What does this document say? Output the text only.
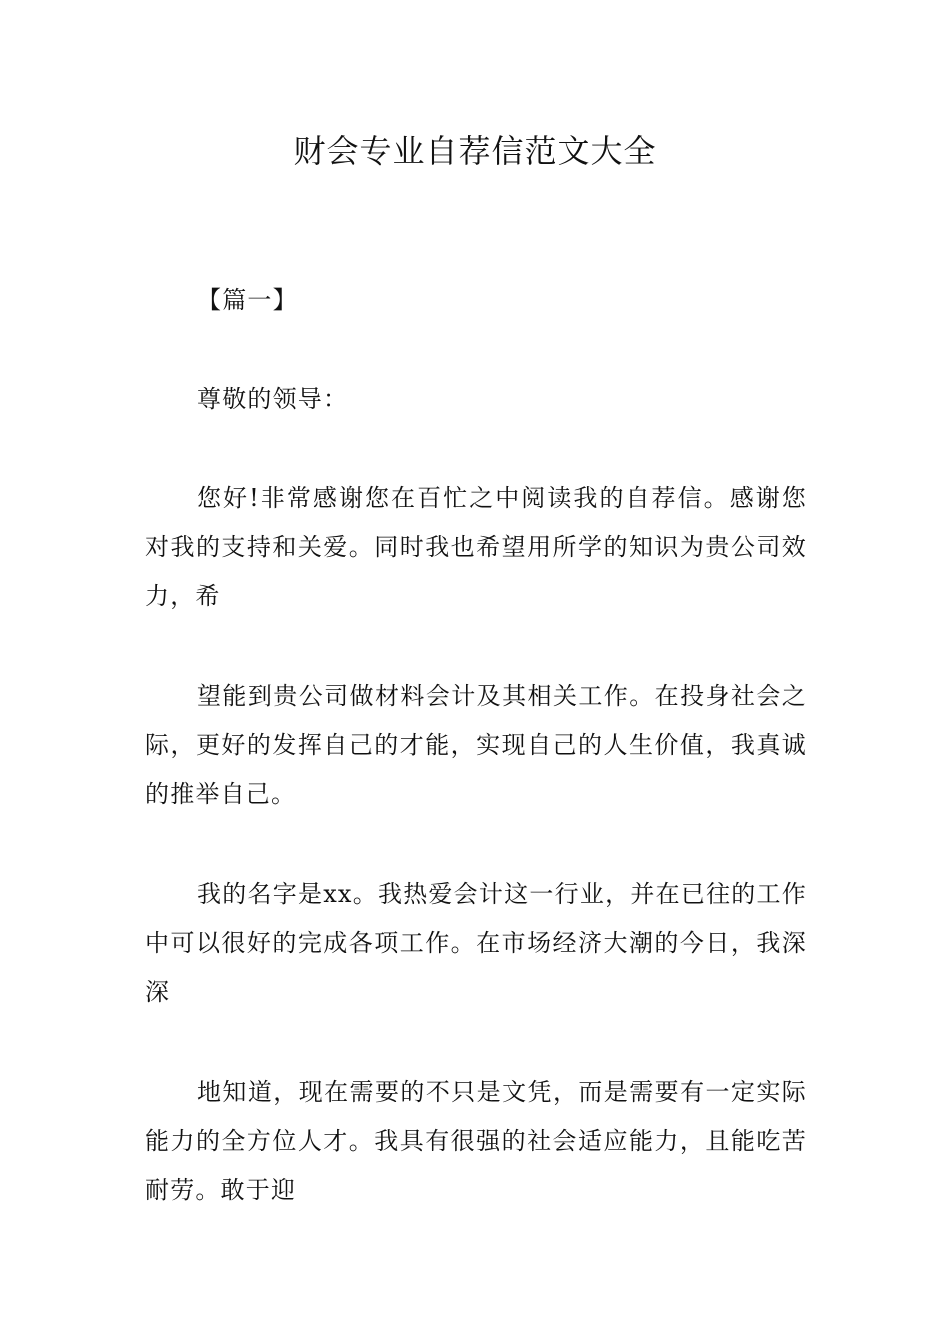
财会专业自荐信范文大全

【篇一】

尊敬的领导：

您好!非常感谢您在百忙之中阅读我的自荐信。感谢您对我的支持和关爱。同时我也希望用所学的知识为贵公司效力，希

望能到贵公司做材料会计及其相关工作。在投身社会之际，更好的发挥自己的才能，实现自己的人生价值，我真诚的推举自己。

我的名字是xx。我热爱会计这一行业，并在已往的工作中可以很好的完成各项工作。在市场经济大潮的今日，我深深

地知道，现在需要的不只是文凭，而是需要有一定实际能力的全方位人才。我具有很强的社会适应能力，且能吃苦耐劳。敢于迎
